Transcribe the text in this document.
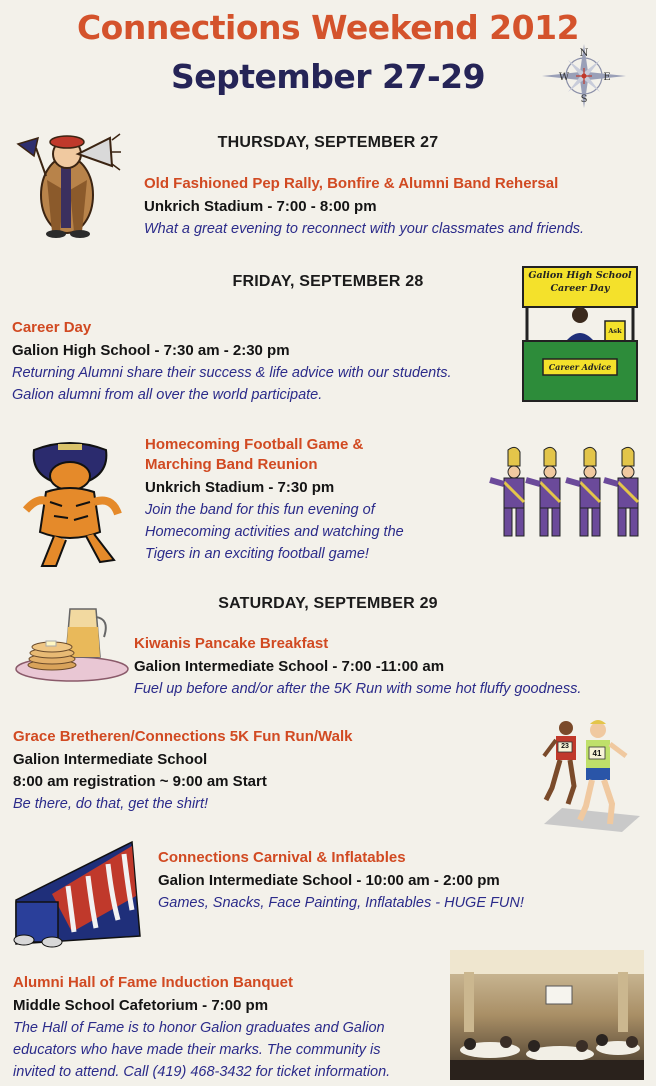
Connections Weekend 2012
September 27-29
N
S
W	E
THURSDAY, SEPTEMBER 27
Old Fashioned Pep Rally, Bonfire & Alumni Band Rehersal
Unkrich Stadium - 7:00 - 8:00 pm
What a great evening to reconnect with your classmates and friends.
FRIDAY, SEPTEMBER 28
Career Day
Galion High School - 7:30 am - 2:30 pm
Returning Alumni share their success & life advice with our students.
Galion alumni from all over the world participate.
Galion High School
Career Day
Ask
Career Advice
Homecoming Football Game &
Marching Band Reunion
Unkrich Stadium - 7:30 pm
Join the band for this fun evening of
Homecoming activities and watching the
Tigers in an exciting football game!
SATURDAY, SEPTEMBER 29
Kiwanis Pancake Breakfast
Galion Intermediate School - 7:00 -11:00 am
Fuel up before and/or after the 5K Run with some hot fluffy goodness.
Grace Bretheren/Connections 5K Fun Run/Walk
Galion Intermediate School
8:00 am registration ~ 9:00 am Start
Be there, do that, get the shirt!
23
41
Connections Carnival & Inflatables
Galion Intermediate School - 10:00 am - 2:00 pm
Games, Snacks, Face Painting, Inflatables - HUGE FUN!
Alumni Hall of Fame Induction Banquet
Middle School Cafetorium - 7:00 pm
The Hall of Fame is to honor Galion graduates and Galion
educators who have made their marks. The community is
invited to attend. Call (419) 468-3432 for ticket information.
